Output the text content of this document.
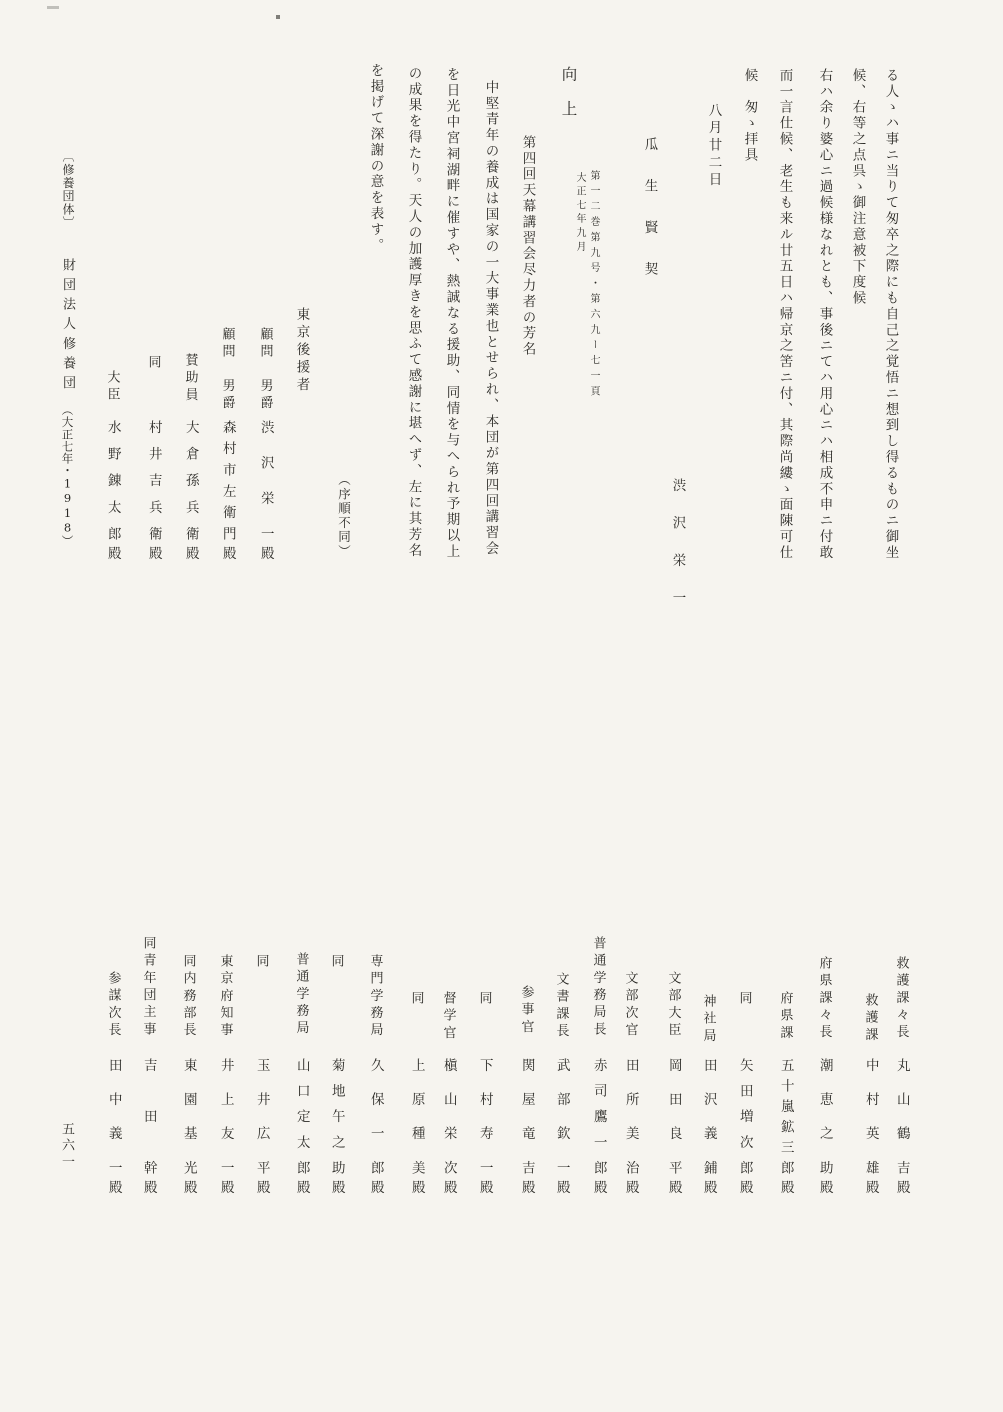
る人ゝハ事ニ当りて匆卒之際にも自己之覚悟ニ想到し得るものニ御坐
候、右等之点呉ゝ御注意被下度候
右ハ余り婆心ニ過候様なれとも、事後ニてハ用心ニハ相成不申ニ付敢
而一言仕候、老生も来ル廿五日ハ帰京之筈ニ付、其際尚縷ゝ面陳可仕
候　匆ゝ拝具
八月廿二日
渋沢栄一
瓜生賢契
向上
第一二巻第九号・第六九ー七一頁
大正七年九月
第四回天幕講習会尽力者の芳名
中堅青年の養成は国家の一大事業也とせられ、本団が第四回講習会
を日光中宮祠湖畔に催すや、熱誠なる援助、同情を与へられ予期以上
の成果を得たり。天人の加護厚きを思ふて感謝に堪へず、左に其芳名
を掲げて深謝の意を表す。
東京後援者
（序順不同）
顧問　男爵
渋沢栄一殿
顧問　男爵
森村市左衛門殿
賛助員
大倉孫兵衛殿
同
村井吉兵衛殿
大臣
水野錬太郎殿
〔修養団体〕
財団法人修養団
（大正七年・1918）
救護課々長
丸山鶴吉殿
救護課
中村英雄殿
府県課々長
潮恵之助殿
府県課
五十嵐鉱三郎殿
同
矢田増次郎殿
神社局
田沢義鋪殿
文部大臣
岡田良平殿
文部次官
田所美治殿
普通学務局長
赤司鷹一郎殿
文書課長
武部欽一殿
参事官
関屋竜吉殿
同
下村寿一殿
督学官
槇山栄次殿
同
上原種美殿
専門学務局
久保一郎殿
同
菊地午之助殿
普通学務局
山口定太郎殿
同
玉井広平殿
東京府知事
井上友一殿
同内務部長
東園基光殿
同青年団主事
吉田幹殿
参謀次長
田中義一殿
五六一
